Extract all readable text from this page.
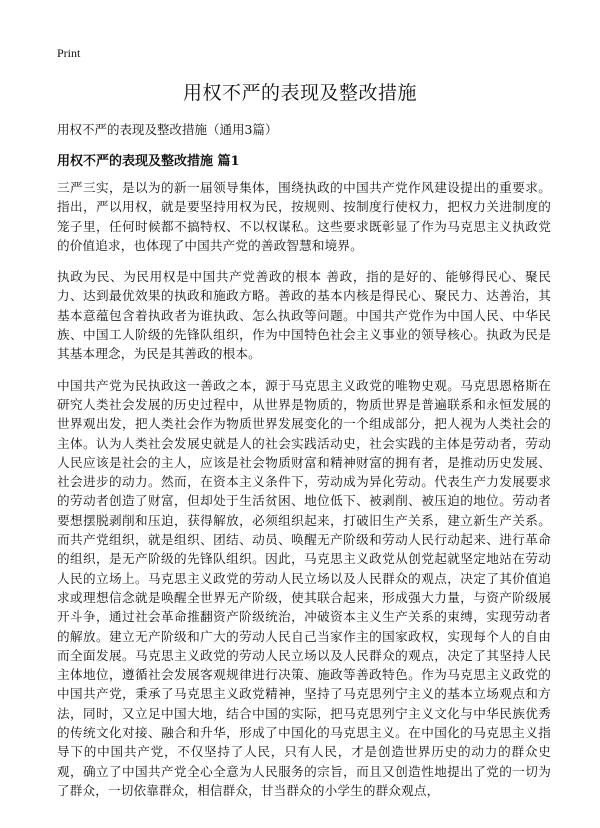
Print
用权不严的表现及整改措施
用权不严的表现及整改措施（通用3篇）
用权不严的表现及整改措施 篇1

三严三实，是以为的新一届领导集体，围绕执政的中国共产党作风建设提出的重要求。指出，严以用权，就是要坚持用权为民，按规则、按制度行使权力，把权力关进制度的笼子里，任何时候都不搞特权、不以权谋私。这些要求既彰显了作为马克思主义执政党的价值追求，也体现了中国共产党的善政智慧和境界。

执政为民、为民用权是中国共产党善政的根本 善政，指的是好的、能够得民心、聚民力、达到最优效果的执政和施政方略。善政的基本内核是得民心、聚民力、达善治，其基本意蕴包含着执政者为谁执政、怎么执政等问题。中国共产党作为中国人民、中华民族、中国工人阶级的先锋队组织，作为中国特色社会主义事业的领导核心。执政为民是其基本理念，为民是其善政的根本。

中国共产党为民执政这一善政之本，源于马克思主义政党的唯物史观。马克思恩格斯在研究人类社会发展的历史过程中，从世界是物质的，物质世界是普遍联系和永恒发展的世界观出发，把人类社会作为物质世界发展变化的一个组成部分，把人视为人类社会的主体。认为人类社会发展史就是人的社会实践活动史，社会实践的主体是劳动者，劳动人民应该是社会的主人，应该是社会物质财富和精神财富的拥有者，是推动历史发展、社会进步的动力。然而，在资本主义条件下，劳动成为异化劳动。代表生产力发展要求的劳动者创造了财富，但却处于生活贫困、地位低下、被剥削、被压迫的地位。劳动者要想摆脱剥削和压迫，获得解放，必须组织起来，打破旧生产关系，建立新生产关系。而共产党组织，就是组织、团结、动员、唤醒无产阶级和劳动人民行动起来、进行革命的组织，是无产阶级的先锋队组织。因此，马克思主义政党从创党起就坚定地站在劳动人民的立场上。马克思主义政党的劳动人民立场以及人民群众的观点，决定了其价值追求或理想信念就是唤醒全世界无产阶级，使其联合起来，形成强大力量，与资产阶级展开斗争，通过社会革命推翻资产阶级统治，冲破资本主义生产关系的束缚，实现劳动者的解放。建立无产阶级和广大的劳动人民自己当家作主的国家政权，实现每个人的自由而全面发展。马克思主义政党的劳动人民立场以及人民群众的观点，决定了其坚持人民主体地位，遵循社会发展客观规律进行决策、施政等善政特色。作为马克思主义政党的中国共产党，秉承了马克思主义政党精神，坚持了马克思列宁主义的基本立场观点和方法，同时，又立足中国大地，结合中国的实际，把马克思列宁主义文化与中华民族优秀的传统文化对接、融合和升华，形成了中国化的马克思主义。在中国化的马克思主义指导下的中国共产党，不仅坚持了人民，只有人民，才是创造世界历史的动力的群众史观，确立了中国共产党全心全意为人民服务的宗旨，而且又创造性地提出了党的一切为了群众，一切依靠群众，相信群众，甘当群众的小学生的群众观点，
